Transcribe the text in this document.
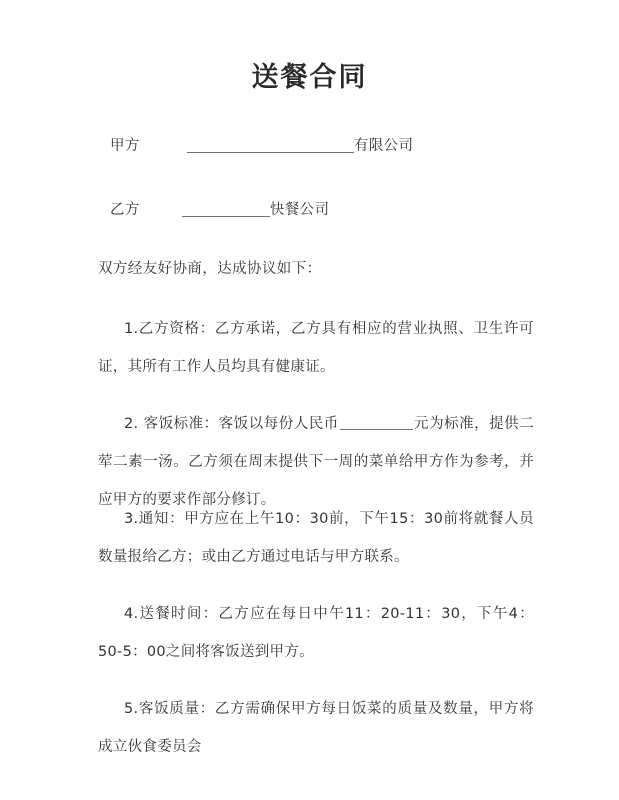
送餐合同
甲方	有限公司
乙方	快餐公司
双方经友好协商，达成协议如下：
1.乙方资格：乙方承诺，乙方具有相应的营业执照、卫生许可证，其所有工作人员均具有健康证。
2. 客饭标准：客饭以每份人民币	元为标准，提供二荤二素一汤。乙方须在周末提供下一周的菜单给甲方作为参考，并应甲方的要求作部分修订。
3.通知：甲方应在上午10：30前，下午15：30前将就餐人员数量报给乙方；或由乙方通过电话与甲方联系。
4.送餐时间：乙方应在每日中午11：20-11：30，下午4：50-5：00之间将客饭送到甲方。
5.客饭质量：乙方需确保甲方每日饭菜的质量及数量，甲方将成立伙食委员会
